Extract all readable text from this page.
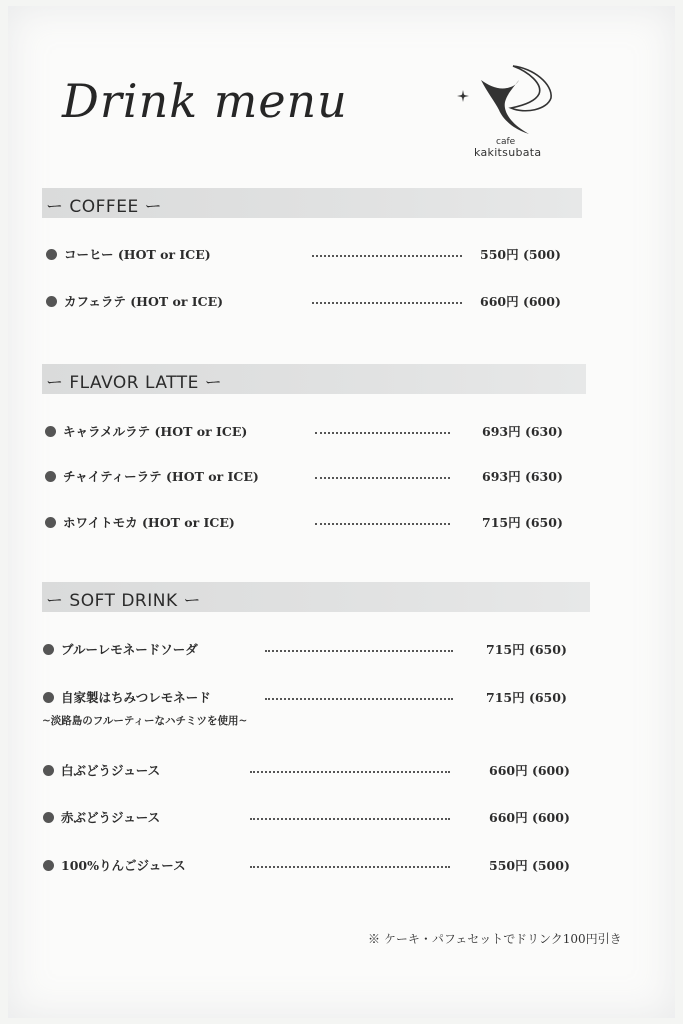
Drink menu
cafe
kakitsubata
ー COFFEE ー
コーヒー (HOT or ICE)	550円 (500)
カフェラテ (HOT or ICE)	660円 (600)
ー FLAVOR LATTE ー
キャラメルラテ (HOT or ICE)	693円 (630)
チャイティーラテ (HOT or ICE)	693円 (630)
ホワイトモカ (HOT or ICE)	715円 (650)
ー SOFT DRINK ー
ブルーレモネードソーダ	715円 (650)
自家製はちみつレモネード	715円 (650)
~淡路島のフルーティーなハチミツを使用~
白ぶどうジュース	660円 (600)
赤ぶどうジュース	660円 (600)
100%りんごジュース	550円 (500)
※ ケーキ・パフェセットでドリンク100円引き
